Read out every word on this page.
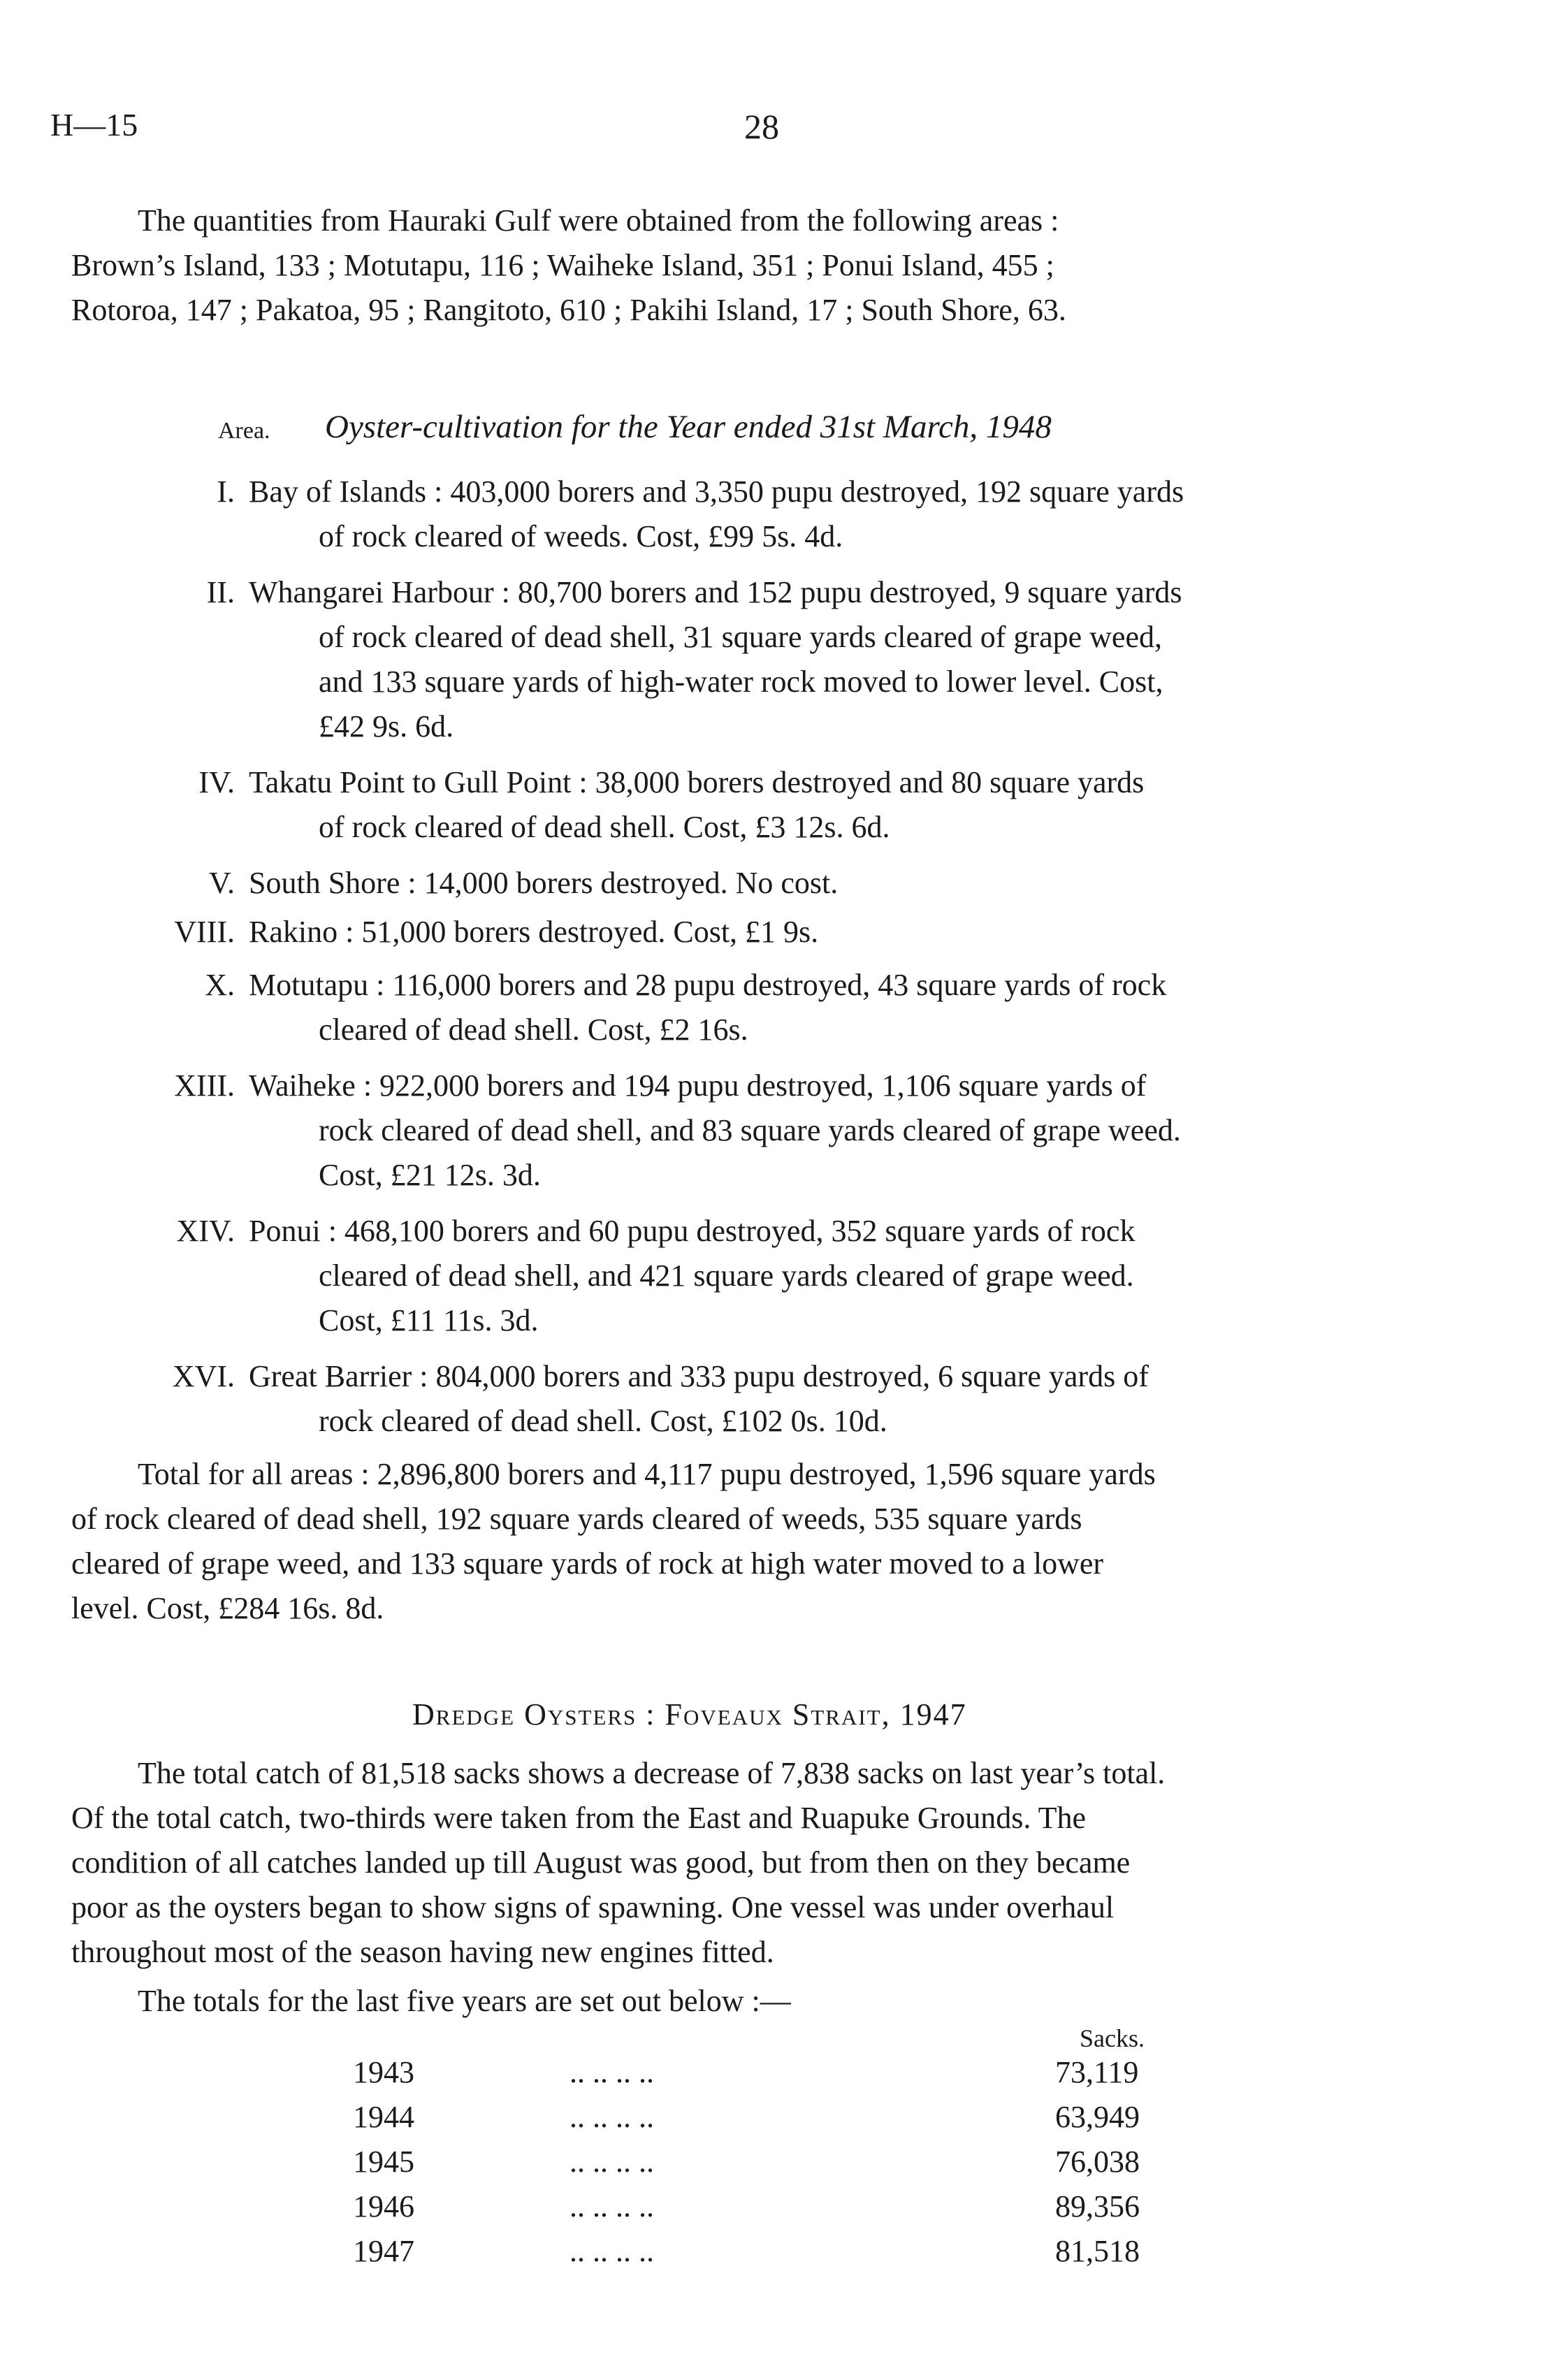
H—15	28
The quantities from Hauraki Gulf were obtained from the following areas :
Brown’s Island, 133 ; Motutapu, 116 ; Waiheke Island, 351 ; Ponui Island, 455 ;
Rotoroa, 147 ; Pakatoa, 95 ; Rangitoto, 610 ; Pakihi Island, 17 ; South Shore, 63.
Area. Oyster-cultivation for the Year ended 31st March, 1948
I. Bay of Islands : 403,000 borers and 3,350 pupu destroyed, 192 square yards
of rock cleared of weeds. Cost, £99 5s. 4d.
II. Whangarei Harbour : 80,700 borers and 152 pupu destroyed, 9 square yards
of rock cleared of dead shell, 31 square yards cleared of grape weed,
and 133 square yards of high-water rock moved to lower level. Cost,
£42 9s. 6d.
IV. Takatu Point to Gull Point : 38,000 borers destroyed and 80 square yards
of rock cleared of dead shell. Cost, £3 12s. 6d.
V. South Shore : 14,000 borers destroyed. No cost.
VIII. Rakino : 51,000 borers destroyed. Cost, £1 9s.
X. Motutapu : 116,000 borers and 28 pupu destroyed, 43 square yards of rock
cleared of dead shell. Cost, £2 16s.
XIII. Waiheke : 922,000 borers and 194 pupu destroyed, 1,106 square yards of
rock cleared of dead shell, and 83 square yards cleared of grape weed.
Cost, £21 12s. 3d.
XIV. Ponui : 468,100 borers and 60 pupu destroyed, 352 square yards of rock
cleared of dead shell, and 421 square yards cleared of grape weed.
Cost, £11 11s. 3d.
XVI. Great Barrier : 804,000 borers and 333 pupu destroyed, 6 square yards of
rock cleared of dead shell. Cost, £102 0s. 10d.
Total for all areas : 2,896,800 borers and 4,117 pupu destroyed, 1,596 square yards
of rock cleared of dead shell, 192 square yards cleared of weeds, 535 square yards
cleared of grape weed, and 133 square yards of rock at high water moved to a lower
level. Cost, £284 16s. 8d.
Dredge Oysters : Foveaux Strait, 1947
The total catch of 81,518 sacks shows a decrease of 7,838 sacks on last year’s total.
Of the total catch, two-thirds were taken from the East and Ruapuke Grounds. The
condition of all catches landed up till August was good, but from then on they became
poor as the oysters began to show signs of spawning. One vessel was under overhaul
throughout most of the season having new engines fitted.
The totals for the last five years are set out below :—
Sacks.
1943	.. .. .. ..	73,119
1944	.. .. .. ..	63,949
1945	.. .. .. ..	76,038
1946	.. .. .. ..	89,356
1947	.. .. .. ..	81,518
